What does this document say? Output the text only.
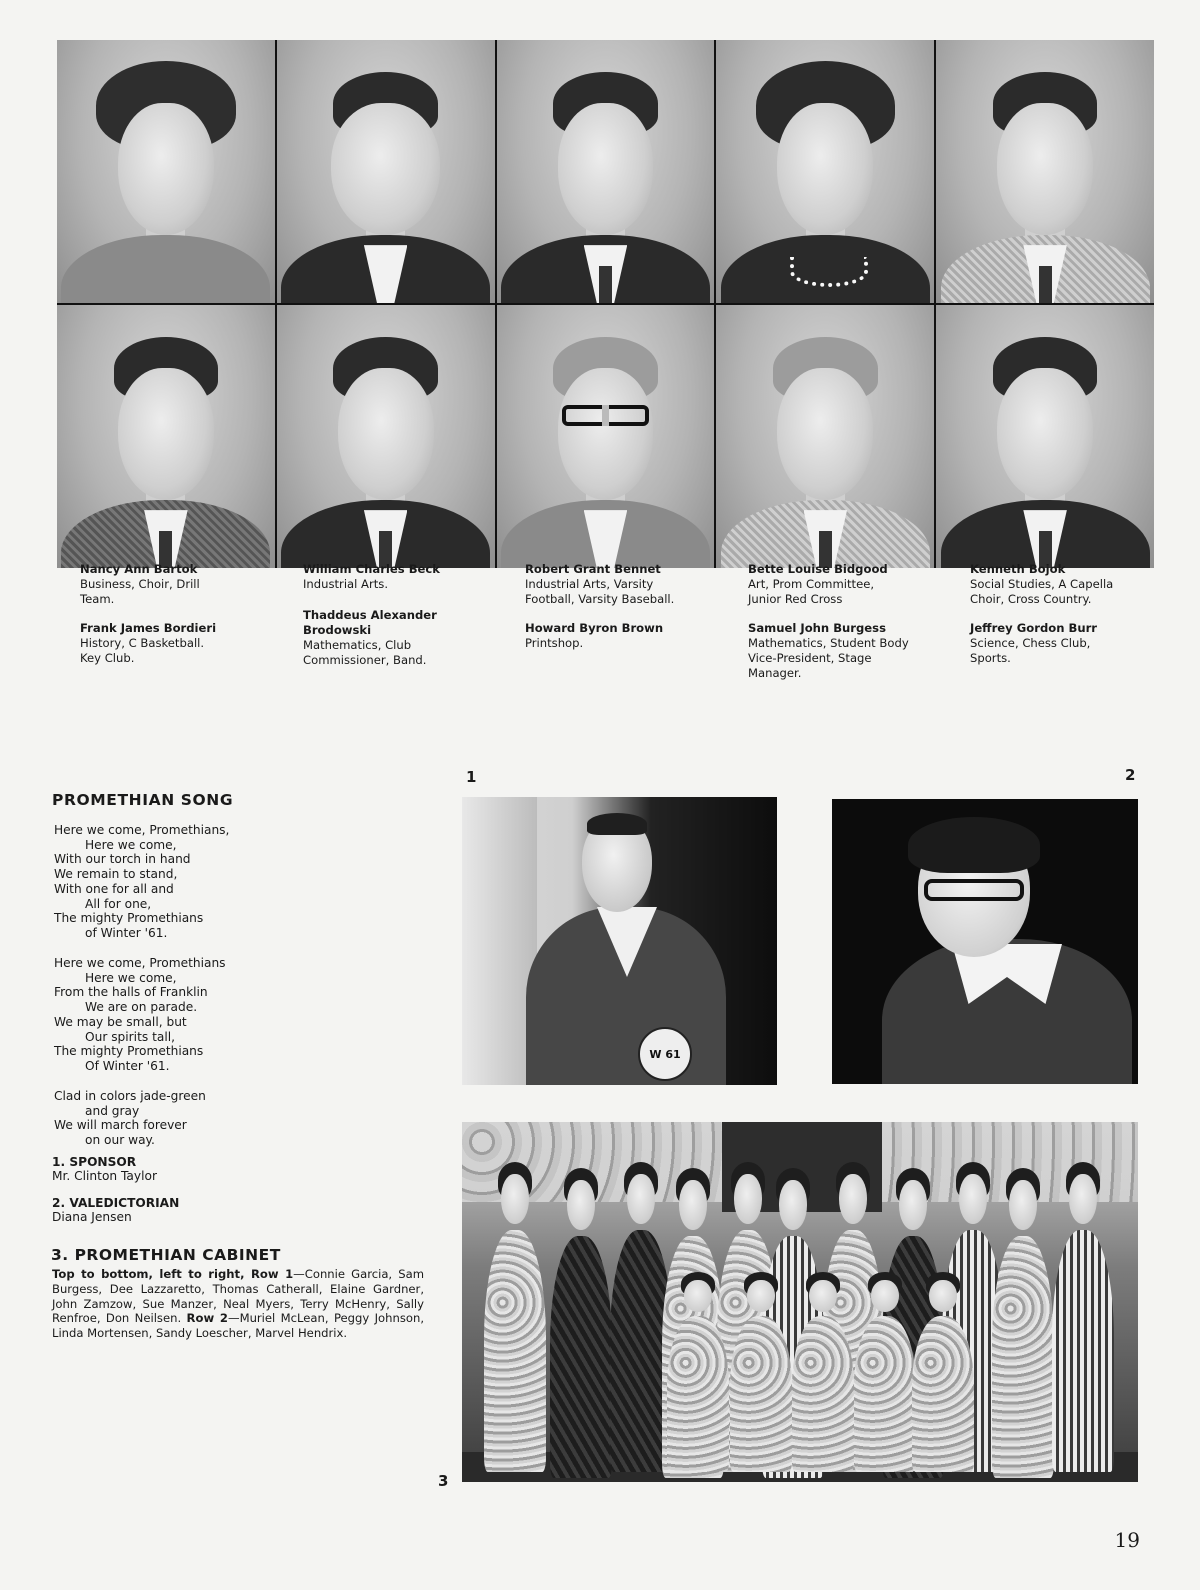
Nancy Ann Bartok
Business, Choir, Drill Team.
Frank James Bordieri
History, C Basketball. Key Club.
William Charles Beck
Industrial Arts.
Thaddeus Alexander Brodowski
Mathematics, Club Commissioner, Band.
Robert Grant Bennet
Industrial Arts, Varsity Football, Varsity Baseball.
Howard Byron Brown
Printshop.
Bette Louise Bidgood
Art, Prom Committee, Junior Red Cross
Samuel John Burgess
Mathematics, Student Body Vice-President, Stage Manager.
Kenneth Bojok
Social Studies, A Capella Choir, Cross Country.
Jeffrey Gordon Burr
Science, Chess Club, Sports.
PROMETHIAN SONG
Here we come, Promethians,
Here we come,
With our torch in hand
We remain to stand,
With one for all and
All for one,
The mighty Promethians
of Winter '61.
Here we come, Promethians
Here we come,
From the halls of Franklin
We are on parade.
We may be small, but
Our spirits tall,
The mighty Promethians
Of Winter '61.
Clad in colors jade-green
and gray
We will march forever
on our way.
1. SPONSOR
Mr. Clinton Taylor
2. VALEDICTORIAN
Diana Jensen
3. PROMETHIAN CABINET
Top to bottom, left to right, Row 1—Connie Garcia, Sam Burgess, Dee Lazzaretto, Thomas Catherall, Elaine Gardner, John Zamzow, Sue Manzer, Neal Myers, Terry McHenry, Sally Renfroe, Don Neilsen. Row 2—Muriel McLean, Peggy Johnson, Linda Mortensen, Sandy Loescher, Marvel Hendrix.
1	2
3
W 61
19
